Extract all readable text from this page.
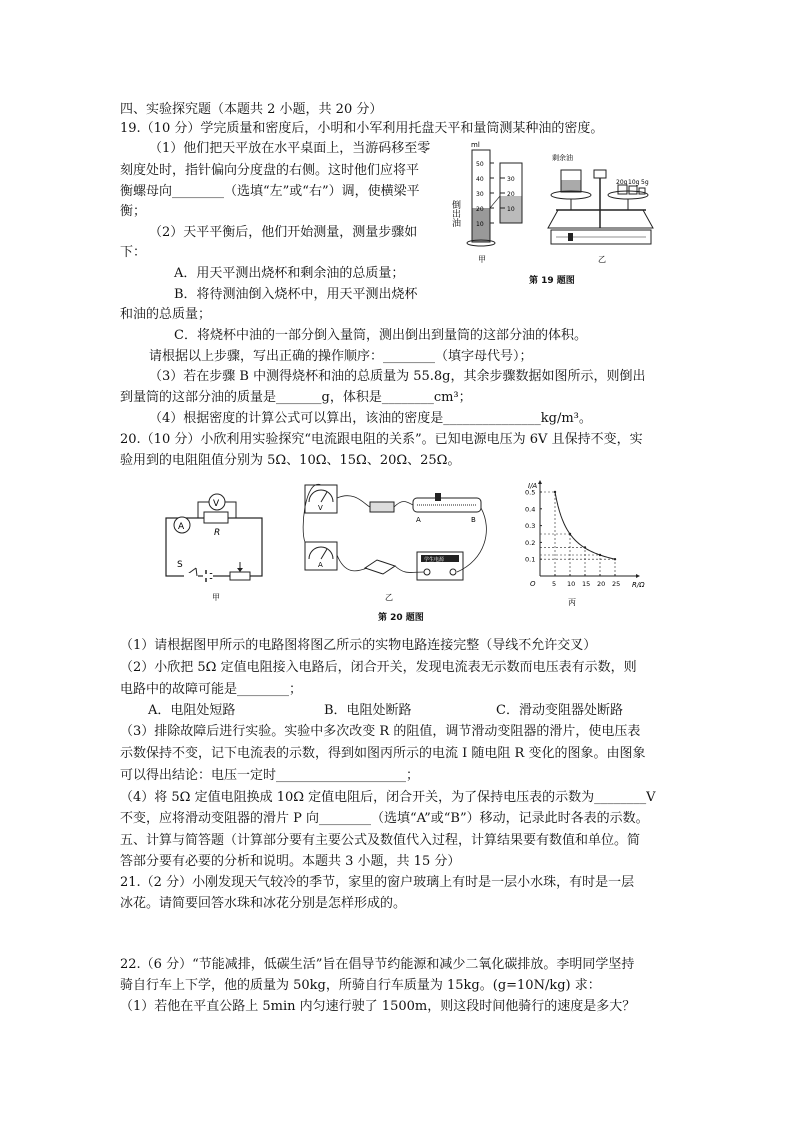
四、实验探究题（本题共 2 小题，共 20 分）
19.（10 分）学完质量和密度后，小明和小军利用托盘天平和量筒测某种油的密度。
（1）他们把天平放在水平桌面上，当游码移至零
刻度处时，指针偏向分度盘的右侧。这时他们应将平
衡螺母向________（选填“左”或“右”）调，使横梁平
衡；
（2）天平平衡后，他们开始测量，测量步骤如
下：
A．用天平测出烧杯和剩余油的总质量；
B．将待测油倒入烧杯中，用天平测出烧杯
和油的总质量；
C．将烧杯中油的一部分倒入量筒，测出倒出到量筒的这部分油的体积。
请根据以上步骤，写出正确的操作顺序：________（填字母代号）；
（3）若在步骤 B 中测得烧杯和油的总质量为 55.8g，其余步骤数据如图所示，则倒出
到量筒的这部分油的质量是_______g，体积是________cm³；
（4）根据密度的计算公式可以算出，该油的密度是_______________kg/m³。
ml
50
40
30
20
10
倒出油
30
20
10
甲
剩余油
20g 10g 5g
乙
第 19 题图
20.（10 分）小欣利用实验探究“电流跟电阻的关系”。已知电源电压为 6V 且保持不变，实
验用到的电阻阻值分别为 5Ω、10Ω、15Ω、20Ω、25Ω。
R
V
A
S
甲
V
A
A	B
学生电源
乙
I/A
R/Ω
O	5 10 15 20 25
0.1
0.2
0.3
0.4
0.5
丙
第 20 题图
（1）请根据图甲所示的电路图将图乙所示的实物电路连接完整（导线不允许交叉）
（2）小欣把 5Ω 定值电阻接入电路后，闭合开关，发现电流表无示数而电压表有示数，则
电路中的故障可能是________；
A．电阻处短路	B．电阻处断路	C．滑动变阻器处断路
（3）排除故障后进行实验。实验中多次改变 R 的阻值，调节滑动变阻器的滑片，使电压表
示数保持不变，记下电流表的示数，得到如图丙所示的电流 I 随电阻 R 变化的图象。由图象
可以得出结论：电压一定时____________________；
（4）将 5Ω 定值电阻换成 10Ω 定值电阻后，闭合开关，为了保持电压表的示数为________V
不变，应将滑动变阻器的滑片 P 向________（选填“A”或“B”）移动，记录此时各表的示数。
五、计算与简答题（计算部分要有主要公式及数值代入过程，计算结果要有数值和单位。简
答部分要有必要的分析和说明。本题共 3 小题，共 15 分）
21.（2 分）小刚发现天气较冷的季节，家里的窗户玻璃上有时是一层小水珠，有时是一层
冰花。请简要回答水珠和冰花分别是怎样形成的。
22.（6 分）“节能减排，低碳生活”旨在倡导节约能源和减少二氧化碳排放。李明同学坚持
骑自行车上下学，他的质量为 50kg，所骑自行车质量为 15kg。(g=10N/kg) 求：
（1）若他在平直公路上 5min 内匀速行驶了 1500m，则这段时间他骑行的速度是多大？
